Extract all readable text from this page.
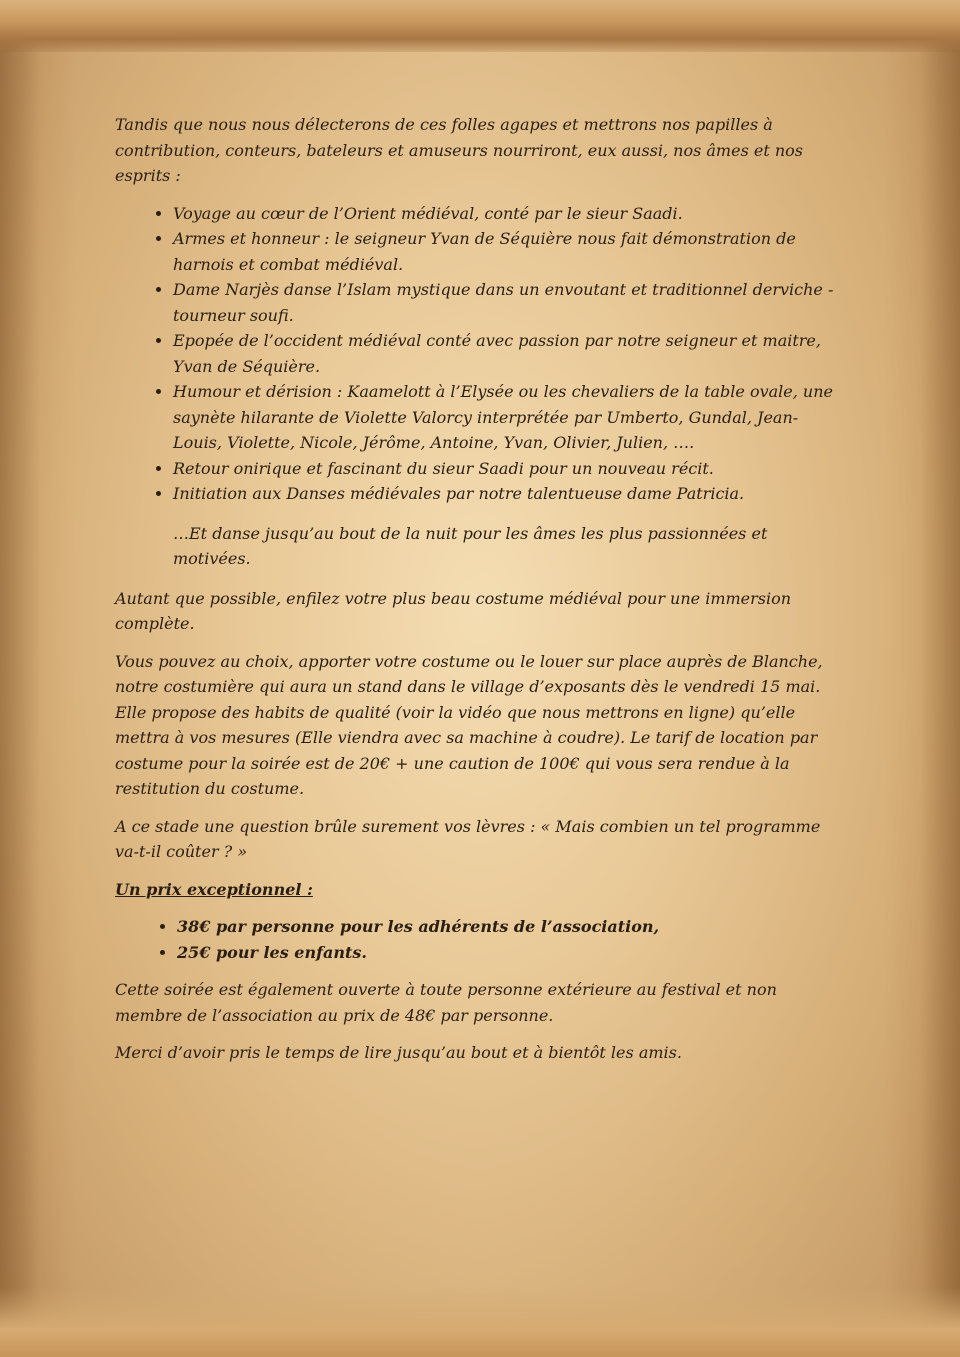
Tandis que nous nous délecterons de ces folles agapes et mettrons nos papilles à contribution, conteurs, bateleurs et amuseurs nourriront, eux aussi, nos âmes et nos esprits :

• Voyage au cœur de l’Orient médiéval, conté par le sieur Saadi.
• Armes et honneur : le seigneur Yvan de Séquière nous fait démonstration de harnois et combat médiéval.
• Dame Narjès danse l’Islam mystique dans un envoutant et traditionnel derviche -tourneur soufi.
• Epopée de l’occident médiéval conté avec passion par notre seigneur et maitre, Yvan de Séquière.
• Humour et dérision : Kaamelott à l’Elysée ou les chevaliers de la table ovale, une saynète hilarante de Violette Valorcy interprétée par Umberto, Gundal, Jean-Louis, Violette, Nicole, Jérôme, Antoine, Yvan, Olivier, Julien, ….
• Retour onirique et fascinant du sieur Saadi pour un nouveau récit.
• Initiation aux Danses médiévales par notre talentueuse dame Patricia.

…Et danse jusqu’au bout de la nuit pour les âmes les plus passionnées et motivées.

Autant que possible, enfilez votre plus beau costume médiéval pour une immersion complète.

Vous pouvez au choix, apporter votre costume ou le louer sur place auprès de Blanche, notre costumière qui aura un stand dans le village d’exposants dès le vendredi 15 mai. Elle propose des habits de qualité (voir la vidéo que nous mettrons en ligne) qu’elle mettra à vos mesures (Elle viendra avec sa machine à coudre). Le tarif de location par costume pour la soirée est de 20€ + une caution de 100€ qui vous sera rendue à la restitution du costume.

A ce stade une question brûle surement vos lèvres : « Mais combien un tel programme va-t-il coûter ? »

Un prix exceptionnel :

• 38€ par personne pour les adhérents de l’association,
• 25€ pour les enfants.

Cette soirée est également ouverte à toute personne extérieure au festival et non membre de l’association au prix de 48€ par personne.

Merci d’avoir pris le temps de lire jusqu’au bout et à bientôt les amis.
